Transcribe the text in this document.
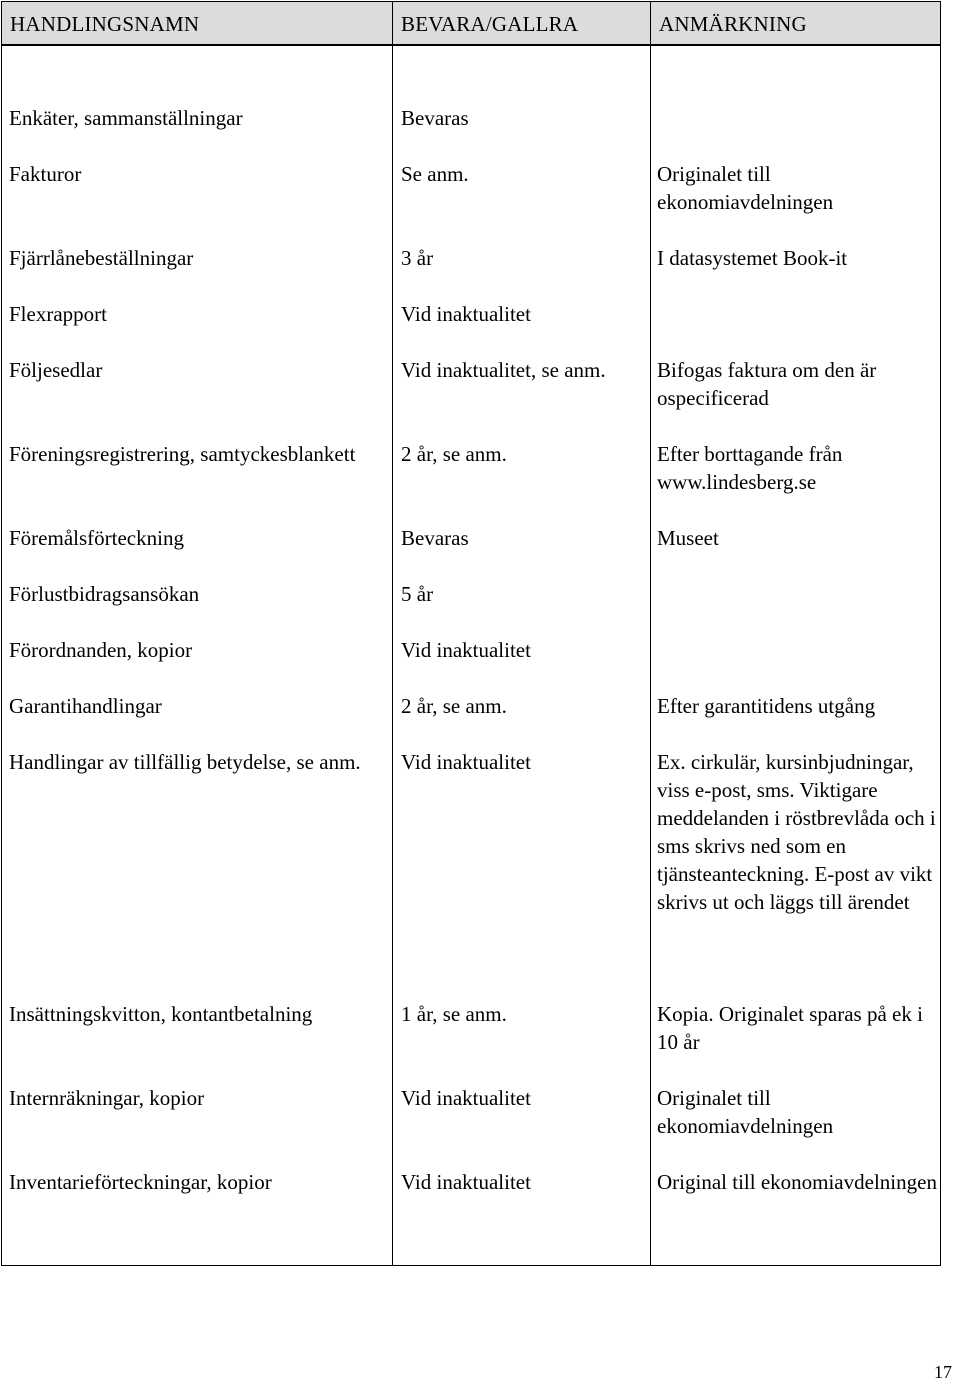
HANDLINGSNAMN	BEVARA/GALLRA	ANMÄRKNING
Enkäter, sammanställningar	Bevaras
Fakturor	Se anm.	Originalet till ekonomiavdelningen
Fjärrlånebeställningar	3 år	I datasystemet Book-it
Flexrapport	Vid inaktualitet
Följesedlar	Vid inaktualitet, se anm.	Bifogas faktura om den är ospecificerad
Föreningsregistrering, samtyckesblankett	2 år, se anm.	Efter borttagande från www.lindesberg.se
Föremålsförteckning	Bevaras	Museet
Förlustbidragsansökan	5 år
Förordnanden, kopior	Vid inaktualitet
Garantihandlingar	2 år, se anm.	Efter garantitidens utgång
Handlingar av tillfällig betydelse, se anm.	Vid inaktualitet	Ex. cirkulär, kursinbjudningar, viss e-post, sms. Viktigare meddelanden i röstbrevlåda och i sms skrivs ned som en tjänsteanteckning. E-post av vikt skrivs ut och läggs till ärendet
Insättningskvitton, kontantbetalning	1 år, se anm.	Kopia. Originalet sparas på ek i 10 år
Internräkningar, kopior	Vid inaktualitet	Originalet till ekonomiavdelningen
Inventarieförteckningar, kopior	Vid inaktualitet	Original till ekonomiavdelningen
17
